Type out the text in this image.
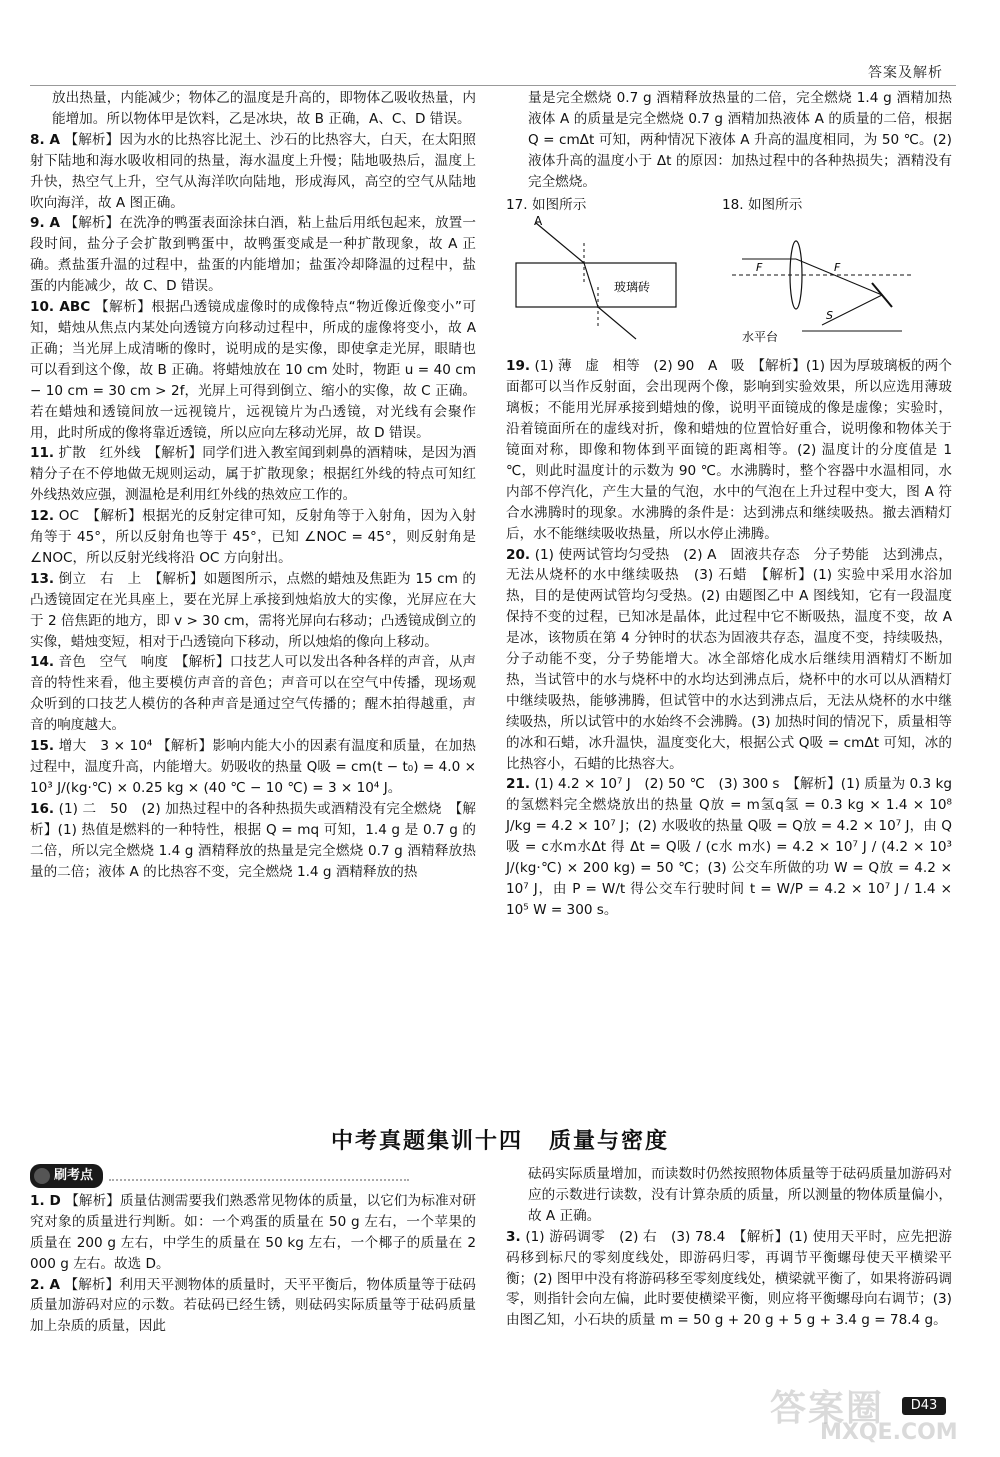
答案及解析

放出热量，内能减少；物体乙的温度是升高的，即物体乙吸收热量，内能增加。所以物体甲是饮料，乙是冰块，故 B 正确，A、C、D 错误。

8. A 【解析】因为水的比热容比泥土、沙石的比热容大，白天，在太阳照射下陆地和海水吸收相同的热量，海水温度上升慢；陆地吸热后，温度上升快，热空气上升，空气从海洋吹向陆地，形成海风，高空的空气从陆地吹向海洋，故 A 图正确。

9. A 【解析】在洗净的鸭蛋表面涂抹白酒，粘上盐后用纸包起来，放置一段时间，盐分子会扩散到鸭蛋中，故鸭蛋变咸是一种扩散现象，故 A 正确。煮盐蛋升温的过程中，盐蛋的内能增加；盐蛋冷却降温的过程中，盐蛋的内能减少，故 C、D 错误。

10. ABC 【解析】根据凸透镜成虚像时的成像特点“物近像近像变小”可知，蜡烛从焦点内某处向透镜方向移动过程中，所成的虚像将变小，故 A 正确；当光屏上成清晰的像时，说明成的是实像，即使拿走光屏，眼睛也可以看到这个像，故 B 正确。将蜡烛放在 10 cm 处时，物距 u = 40 cm − 10 cm = 30 cm > 2f，光屏上可得到倒立、缩小的实像，故 C 正确。若在蜡烛和透镜间放一远视镜片，远视镜片为凸透镜，对光线有会聚作用，此时所成的像将靠近透镜，所以应向左移动光屏，故 D 错误。

11. 扩散　红外线　【解析】同学们进入教室闻到刺鼻的酒精味，是因为酒精分子在不停地做无规则运动，属于扩散现象；根据红外线的特点可知红外线热效应强，测温枪是利用红外线的热效应工作的。

12. OC　【解析】根据光的反射定律可知，反射角等于入射角，因为入射角等于 45°，所以反射角也等于 45°，已知 ∠NOC = 45°，则反射角是 ∠NOC，所以反射光线将沿 OC 方向射出。

13. 倒立　右　上　【解析】如题图所示，点燃的蜡烛及焦距为 15 cm 的凸透镜固定在光具座上，要在光屏上承接到烛焰放大的实像，光屏应在大于 2 倍焦距的地方，即 v > 30 cm，需将光屏向右移动；凸透镜成倒立的实像，蜡烛变短，相对于凸透镜向下移动，所以烛焰的像向上移动。

14. 音色　空气　响度　【解析】口技艺人可以发出各种各样的声音，从声音的特性来看，他主要模仿声音的音色；声音可以在空气中传播，现场观众听到的口技艺人模仿的各种声音是通过空气传播的；醒木拍得越重，声音的响度越大。

15. 增大　3 × 10⁴ 【解析】影响内能大小的因素有温度和质量，在加热过程中，温度升高，内能增大。奶吸收的热量 Q吸 = cm(t − t₀) = 4.0 × 10³ J/(kg·℃) × 0.25 kg × (40 ℃ − 10 ℃) = 3 × 10⁴ J。

16. (1) 二　50　(2) 加热过程中的各种热损失或酒精没有完全燃烧　【解析】(1) 热值是燃料的一种特性，根据 Q = mq 可知，1.4 g 是 0.7 g 的二倍，所以完全燃烧 1.4 g 酒精释放的热量是完全燃烧 0.7 g 酒精释放热量的二倍；液体 A 的比热容不变，完全燃烧 1.4 g 酒精释放的热

量是完全燃烧 0.7 g 酒精释放热量的二倍，完全燃烧 1.4 g 酒精加热液体 A 的质量是完全燃烧 0.7 g 酒精加热液体 A 的质量的二倍，根据 Q = cmΔt 可知，两种情况下液体 A 升高的温度相同，为 50 ℃。(2) 液体升高的温度小于 Δt 的原因：加热过程中的各种热损失；酒精没有完全燃烧。

17. 如图所示
A
玻璃砖
18. 如图所示
F	F
S
水平台

19. (1) 薄　虚　相等　(2) 90　A　吸　【解析】(1) 因为厚玻璃板的两个面都可以当作反射面，会出现两个像，影响到实验效果，所以应选用薄玻璃板；不能用光屏承接到蜡烛的像，说明平面镜成的像是虚像；实验时，沿着镜面所在的虚线对折，像和蜡烛的位置恰好重合，说明像和物体关于镜面对称，即像和物体到平面镜的距离相等。(2) 温度计的分度值是 1 ℃，则此时温度计的示数为 90 ℃。水沸腾时，整个容器中水温相同，水内部不停汽化，产生大量的气泡，水中的气泡在上升过程中变大，图 A 符合水沸腾时的现象。水沸腾的条件是：达到沸点和继续吸热。撤去酒精灯后，水不能继续吸收热量，所以水停止沸腾。

20. (1) 使两试管均匀受热　(2) A　固液共存态　分子势能　达到沸点，无法从烧杯的水中继续吸热　(3) 石蜡　【解析】(1) 实验中采用水浴加热，目的是使两试管均匀受热。(2) 由题图乙中 A 图线知，它有一段温度保持不变的过程，已知冰是晶体，此过程中它不断吸热，温度不变，故 A 是冰，该物质在第 4 分钟时的状态为固液共存态，温度不变，持续吸热，分子动能不变，分子势能增大。冰全部熔化成水后继续用酒精灯不断加热，当试管中的水与烧杯中的水均达到沸点后，烧杯中的水可以从酒精灯中继续吸热，能够沸腾，但试管中的水达到沸点后，无法从烧杯的水中继续吸热，所以试管中的水始终不会沸腾。(3) 加热时间的情况下，质量相等的冰和石蜡，冰升温快，温度变化大，根据公式 Q吸 = cmΔt 可知，冰的比热容小，石蜡的比热容大。

21. (1) 4.2 × 10⁷ J　(2) 50 ℃　(3) 300 s　【解析】(1) 质量为 0.3 kg 的氢燃料完全燃烧放出的热量 Q放 = m氢q氢 = 0.3 kg × 1.4 × 10⁸ J/kg = 4.2 × 10⁷ J；(2) 水吸收的热量 Q吸 = Q放 = 4.2 × 10⁷ J，由 Q吸 = c水m水Δt 得 Δt = Q吸 / (c水 m水) = 4.2 × 10⁷ J / (4.2 × 10³ J/(kg·℃) × 200 kg) = 50 ℃；(3) 公交车所做的功 W = Q放 = 4.2 × 10⁷ J，由 P = W/t 得公交车行驶时间 t = W/P = 4.2 × 10⁷ J / 1.4 × 10⁵ W = 300 s。

中考真题集训十四 质量与密度

刷考点

1. D 【解析】质量估测需要我们熟悉常见物体的质量，以它们为标准对研究对象的质量进行判断。如：一个鸡蛋的质量在 50 g 左右，一个苹果的质量在 200 g 左右，中学生的质量在 50 kg 左右，一个椰子的质量在 2 000 g 左右。故选 D。

2. A 【解析】利用天平测物体的质量时，天平平衡后，物体质量等于砝码质量加游码对应的示数。若砝码已经生锈，则砝码实际质量等于砝码质量加上杂质的质量，因此

砝码实际质量增加，而读数时仍然按照物体质量等于砝码质量加游码对应的示数进行读数，没有计算杂质的质量，所以测量的物体质量偏小，故 A 正确。

3. (1) 游码调零　(2) 右　(3) 78.4　【解析】(1) 使用天平时，应先把游码移到标尺的零刻度线处，即游码归零，再调节平衡螺母使天平横梁平衡；(2) 图甲中没有将游码移至零刻度线处，横梁就平衡了，如果将游码调零，则指针会向左偏，此时要使横梁平衡，则应将平衡螺母向右调节；(3) 由图乙知，小石块的质量 m = 50 g + 20 g + 5 g + 3.4 g = 78.4 g。

答案圈
MXQE.COM
D43
